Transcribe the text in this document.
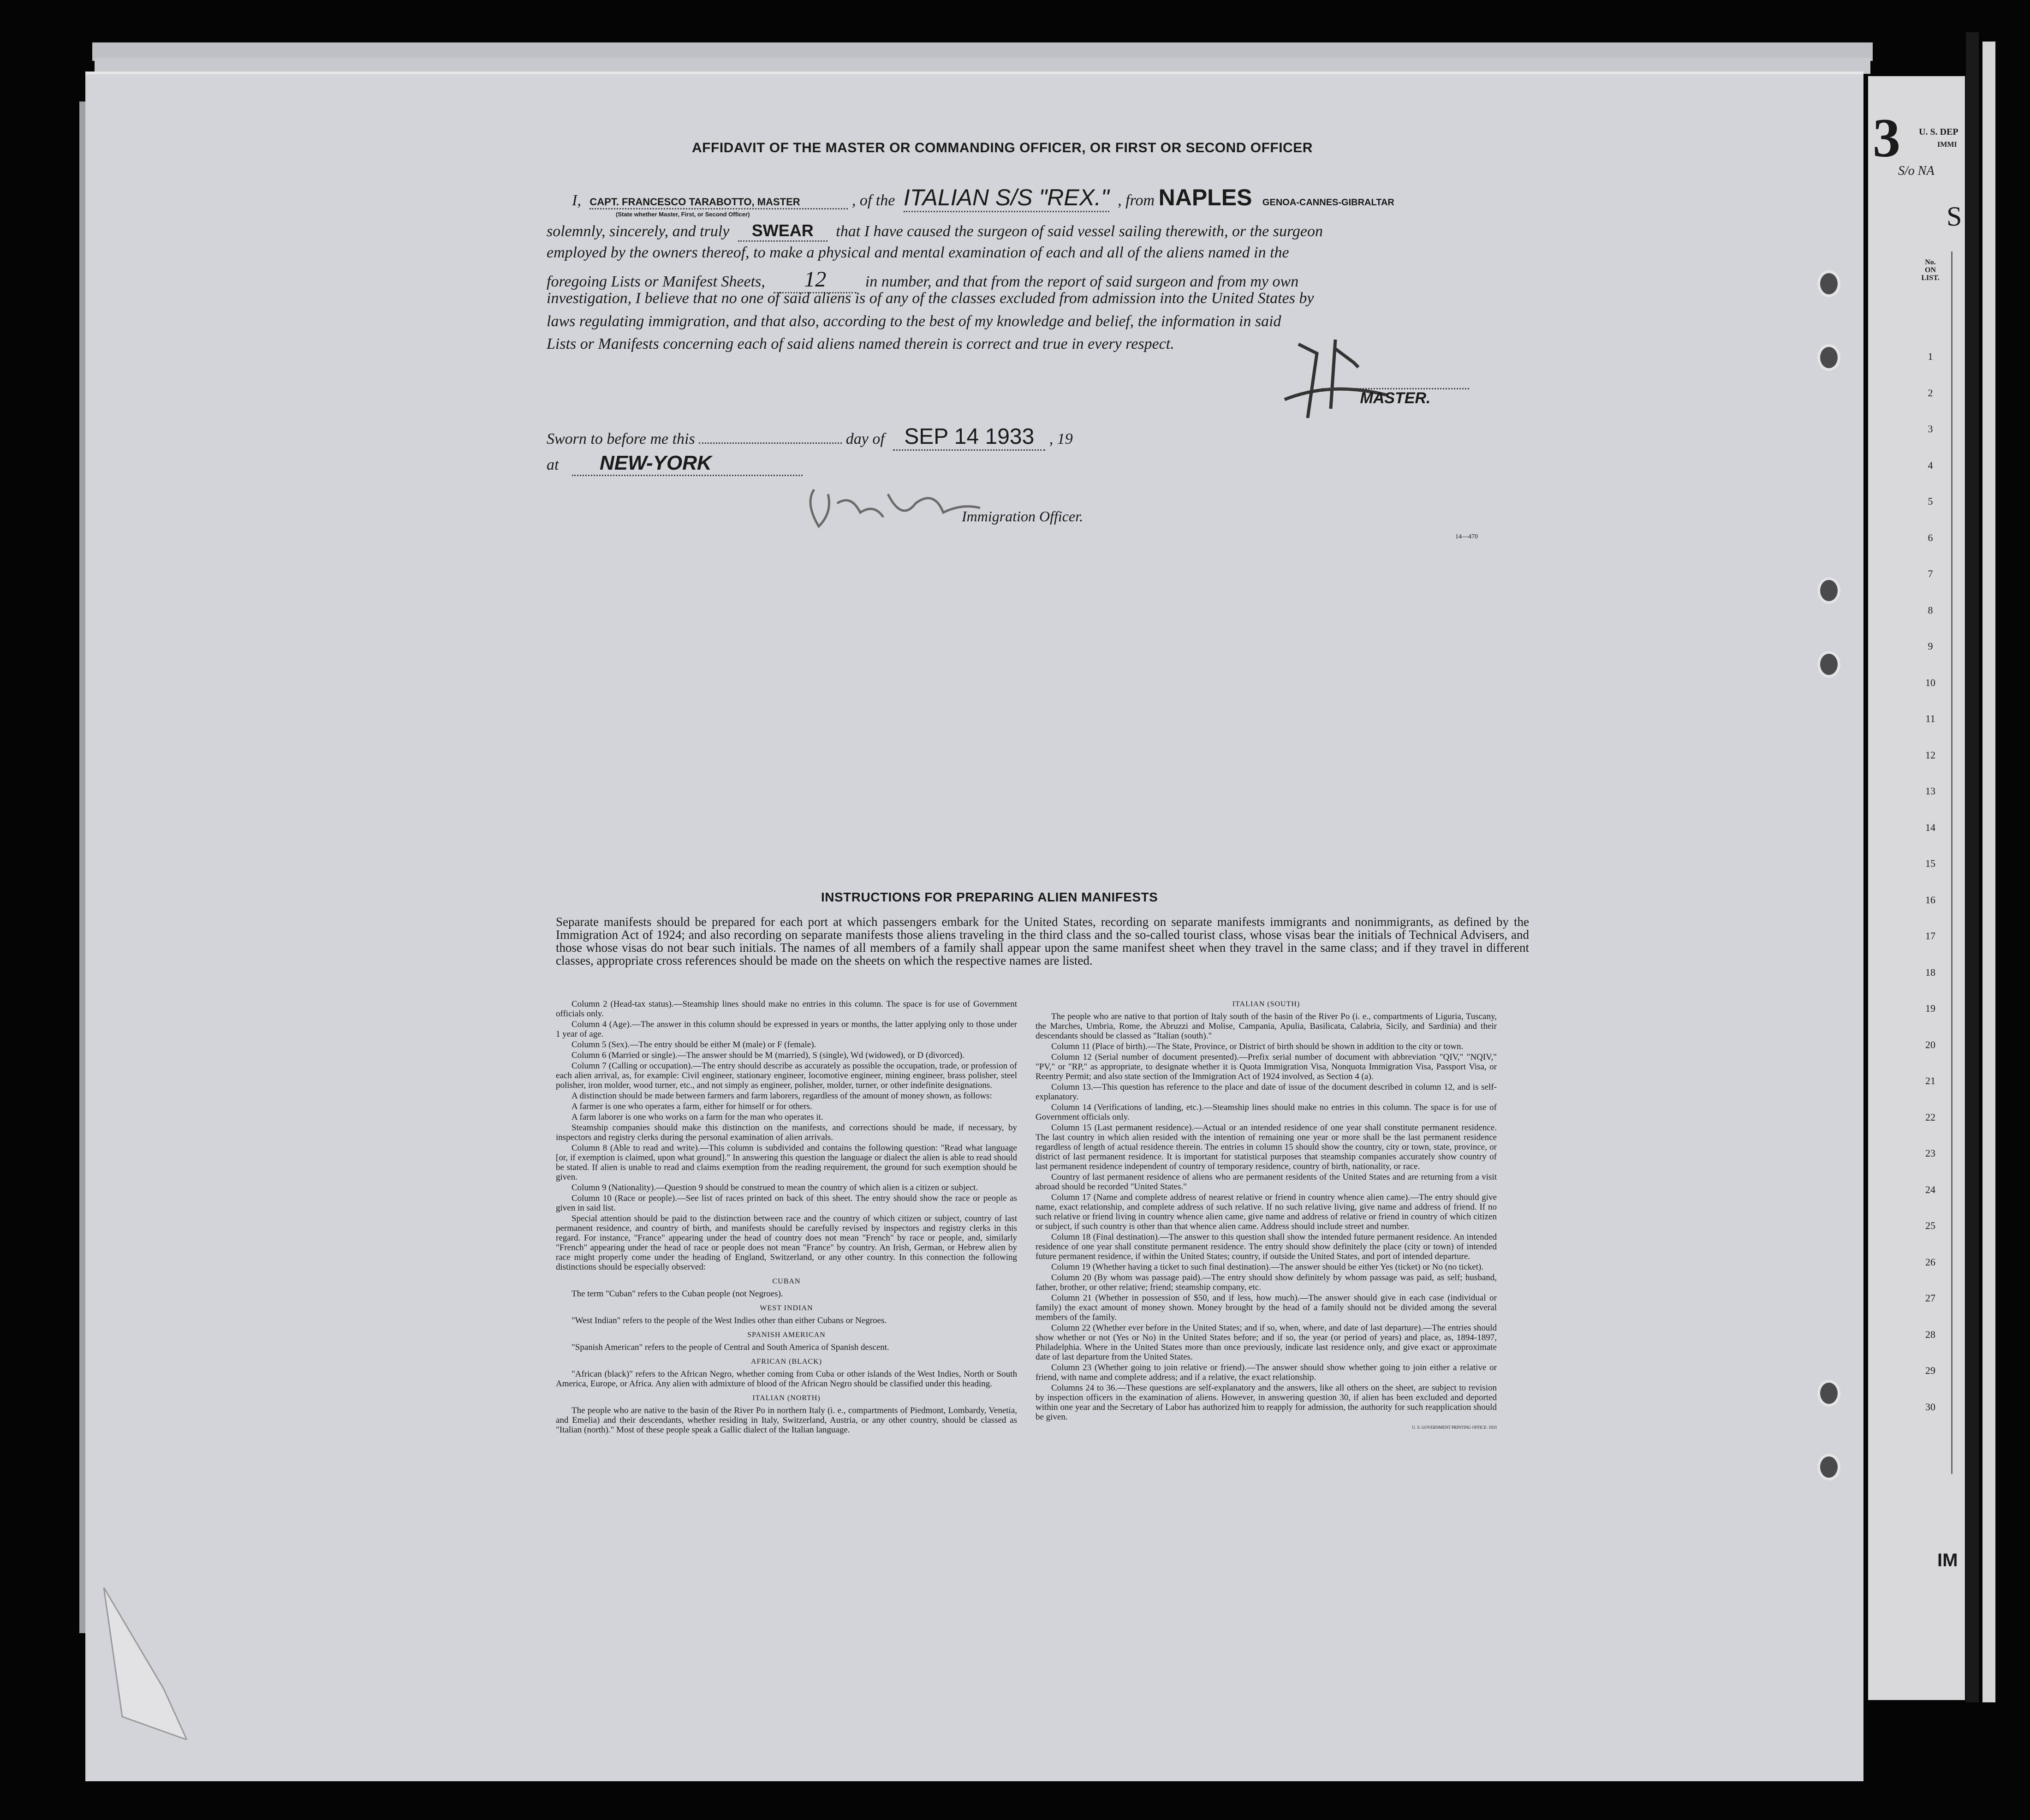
AFFIDAVIT OF THE MASTER OR COMMANDING OFFICER, OR FIRST OR SECOND OFFICER
I, CAPT. FRANCESCO TARABOTTO, MASTER	, of the ITALIAN S/S "REX." , from NAPLES GENOA-CANNES-GIBRALTAR
(State whether Master, First, or Second Officer)
solemnly, sincerely, and truly SWEAR that I have caused the surgeon of said vessel sailing therewith, or the surgeon
employed by the owners thereof, to make a physical and mental examination of each and all of the aliens named in the
foregoing Lists or Manifest Sheets, 12 in number, and that from the report of said surgeon and from my own
investigation, I believe that no one of said aliens is of any of the classes excluded from admission into the United States by
laws regulating immigration, and that also, according to the best of my knowledge and belief, the information in said
Lists or Manifests concerning each of said aliens named therein is correct and true in every respect.
MASTER.
Sworn to before me this	day of SEP 14 1933 , 19
at NEW-YORK
Immigration Officer.
14—470
INSTRUCTIONS FOR PREPARING ALIEN MANIFESTS
Separate manifests should be prepared for each port at which passengers embark for the United States, recording on separate manifests immigrants and nonimmigrants, as defined by the Immigration Act of 1924; and also recording on separate manifests those aliens traveling in the third class and the so-called tourist class, whose visas bear the initials of Technical Advisers, and those whose visas do not bear such initials. The names of all members of a family shall appear upon the same manifest sheet when they travel in the same class; and if they travel in different classes, appropriate cross references should be made on the sheets on which the respective names are listed.

Column 2 (Head-tax status).—Steamship lines should make no entries in this column. The space is for use of Government officials only.

Column 4 (Age).—The answer in this column should be expressed in years or months, the latter applying only to those under 1 year of age.

Column 5 (Sex).—The entry should be either M (male) or F (female).

Column 6 (Married or single).—The answer should be M (married), S (single), Wd (widowed), or D (divorced).

Column 7 (Calling or occupation).—The entry should describe as accurately as possible the occupation, trade, or profession of each alien arrival, as, for example: Civil engineer, stationary engineer, locomotive engineer, mining engineer, brass polisher, steel polisher, iron molder, wood turner, etc., and not simply as engineer, polisher, molder, turner, or other indefinite designations.

A distinction should be made between farmers and farm laborers, regardless of the amount of money shown, as follows:

A farmer is one who operates a farm, either for himself or for others.

A farm laborer is one who works on a farm for the man who operates it.

Steamship companies should make this distinction on the manifests, and corrections should be made, if necessary, by inspectors and registry clerks during the personal examination of alien arrivals.

Column 8 (Able to read and write).—This column is subdivided and contains the following question: "Read what language [or, if exemption is claimed, upon what ground]." In answering this question the language or dialect the alien is able to read should be stated. If alien is unable to read and claims exemption from the reading requirement, the ground for such exemption should be given.

Column 9 (Nationality).—Question 9 should be construed to mean the country of which alien is a citizen or subject.

Column 10 (Race or people).—See list of races printed on back of this sheet. The entry should show the race or people as given in said list.

Special attention should be paid to the distinction between race and the country of which citizen or subject, country of last permanent residence, and country of birth, and manifests should be carefully revised by inspectors and registry clerks in this regard. For instance, "France" appearing under the head of country does not mean "French" by race or people, and, similarly "French" appearing under the head of race or people does not mean "France" by country. An Irish, German, or Hebrew alien by race might properly come under the heading of England, Switzerland, or any other country. In this connection the following distinctions should be especially observed:

CUBAN

The term "Cuban" refers to the Cuban people (not Negroes).

WEST INDIAN

"West Indian" refers to the people of the West Indies other than either Cubans or Negroes.

SPANISH AMERICAN

"Spanish American" refers to the people of Central and South America of Spanish descent.

AFRICAN (BLACK)

"African (black)" refers to the African Negro, whether coming from Cuba or other islands of the West Indies, North or South America, Europe, or Africa. Any alien with admixture of blood of the African Negro should be classified under this heading.

ITALIAN (NORTH)

The people who are native to the basin of the River Po in northern Italy (i. e., compartments of Piedmont, Lombardy, Venetia, and Emelia) and their descendants, whether residing in Italy, Switzerland, Austria, or any other country, should be classed as "Italian (north)." Most of these people speak a Gallic dialect of the Italian language.

ITALIAN (SOUTH)

The people who are native to that portion of Italy south of the basin of the River Po (i. e., compartments of Liguria, Tuscany, the Marches, Umbria, Rome, the Abruzzi and Molise, Campania, Apulia, Basilicata, Calabria, Sicily, and Sardinia) and their descendants should be classed as "Italian (south)."

Column 11 (Place of birth).—The State, Province, or District of birth should be shown in addition to the city or town.

Column 12 (Serial number of document presented).—Prefix serial number of document with abbreviation "QIV," "NQIV," "PV," or "RP," as appropriate, to designate whether it is Quota Immigration Visa, Nonquota Immigration Visa, Passport Visa, or Reentry Permit; and also state section of the Immigration Act of 1924 involved, as Section 4 (a).

Column 13.—This question has reference to the place and date of issue of the document described in column 12, and is self-explanatory.

Column 14 (Verifications of landing, etc.).—Steamship lines should make no entries in this column. The space is for use of Government officials only.

Column 15 (Last permanent residence).—Actual or an intended residence of one year shall constitute permanent residence. The last country in which alien resided with the intention of remaining one year or more shall be the last permanent residence regardless of length of actual residence therein. The entries in column 15 should show the country, city or town, state, province, or district of last permanent residence. It is important for statistical purposes that steamship companies accurately show country of last permanent residence independent of country of temporary residence, country of birth, nationality, or race.

Country of last permanent residence of aliens who are permanent residents of the United States and are returning from a visit abroad should be recorded "United States."

Column 17 (Name and complete address of nearest relative or friend in country whence alien came).—The entry should give name, exact relationship, and complete address of such relative. If no such relative living, give name and address of friend. If no such relative or friend living in country whence alien came, give name and address of relative or friend in country of which citizen or subject, if such country is other than that whence alien came. Address should include street and number.

Column 18 (Final destination).—The answer to this question shall show the intended future permanent residence. An intended residence of one year shall constitute permanent residence. The entry should show definitely the place (city or town) of intended future permanent residence, if within the United States; country, if outside the United States, and port of intended departure.

Column 19 (Whether having a ticket to such final destination).—The answer should be either Yes (ticket) or No (no ticket).

Column 20 (By whom was passage paid).—The entry should show definitely by whom passage was paid, as self; husband, father, brother, or other relative; friend; steamship company, etc.

Column 21 (Whether in possession of $50, and if less, how much).—The answer should give in each case (individual or family) the exact amount of money shown. Money brought by the head of a family should not be divided among the several members of the family.

Column 22 (Whether ever before in the United States; and if so, when, where, and date of last departure).—The entries should show whether or not (Yes or No) in the United States before; and if so, the year (or period of years) and place, as, 1894-1897, Philadelphia. Where in the United States more than once previously, indicate last residence only, and give exact or approximate date of last departure from the United States.

Column 23 (Whether going to join relative or friend).—The answer should show whether going to join either a relative or friend, with name and complete address; and if a relative, the exact relationship.

Columns 24 to 36.—These questions are self-explanatory and the answers, like all others on the sheet, are subject to revision by inspection officers in the examination of aliens. However, in answering question 30, if alien has been excluded and deported within one year and the Secretary of Labor has authorized him to reapply for admission, the authority for such reapplication should be given.

U. S. GOVERNMENT PRINTING OFFICE: 1933
3 U. S. DEP
IMMI
S/o NA
S
No.
ON
LIST.
1
2
3
4
5
6
7
8
9
10
11
12
13
14
15
16
17
18
19
20
21
22
23
24
25
26
27
28
29
30
IM
